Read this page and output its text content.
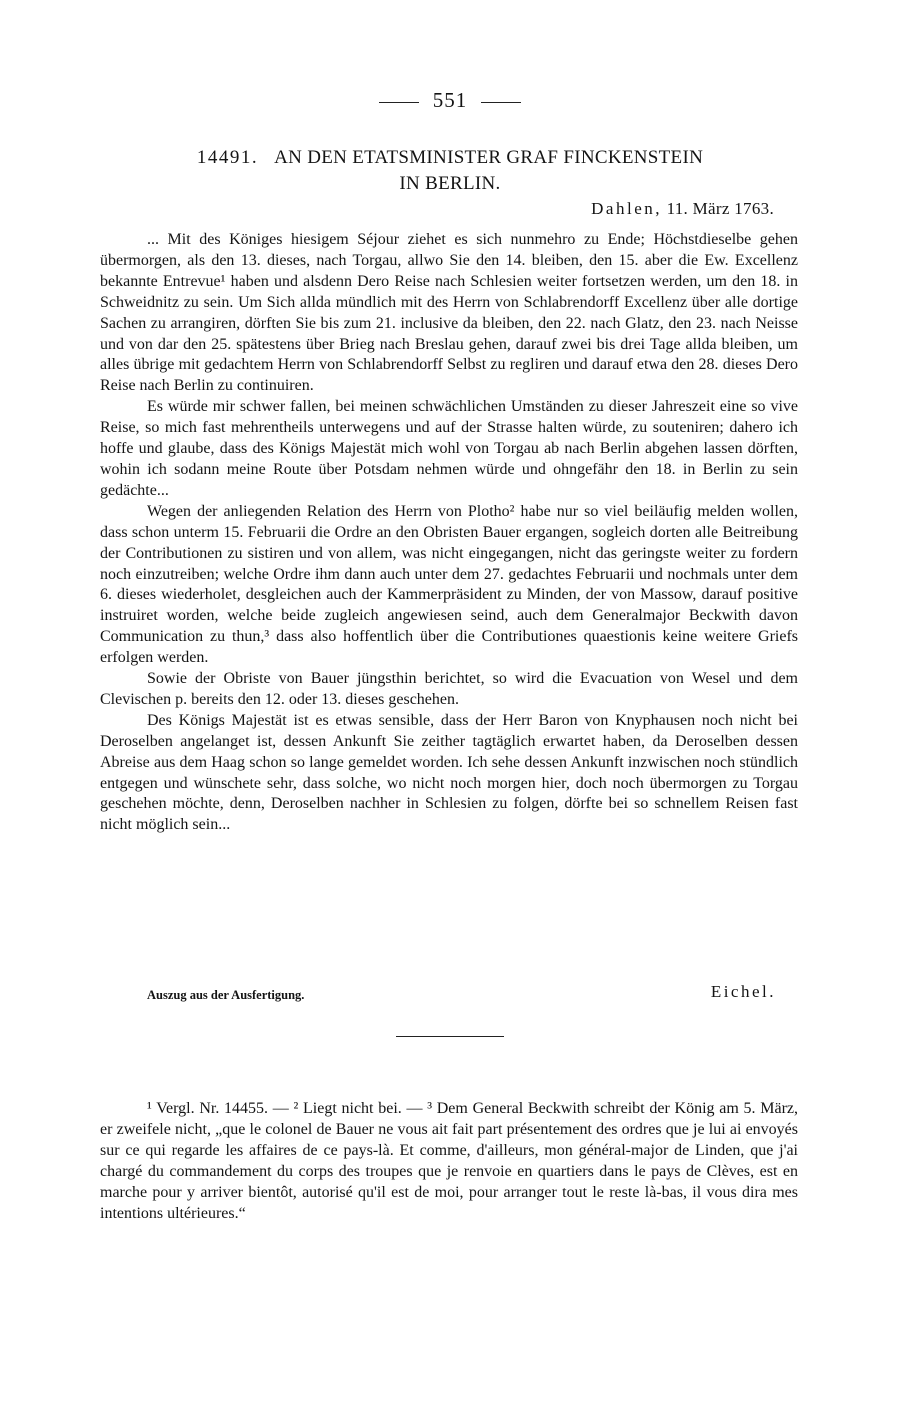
551
14491. AN DEN ETATSMINISTER GRAF FINCKENSTEIN
IN BERLIN.
Dahlen, 11. März 1763.

... Mit des Königes hiesigem Séjour ziehet es sich nunmehro zu Ende; Höchstdieselbe gehen übermorgen, als den 13. dieses, nach Torgau, allwo Sie den 14. bleiben, den 15. aber die Ew. Excellenz bekannte Entrevue¹ haben und alsdenn Dero Reise nach Schlesien weiter fortsetzen werden, um den 18. in Schweidnitz zu sein. Um Sich allda mündlich mit des Herrn von Schlabrendorff Excellenz über alle dortige Sachen zu arrangiren, dörften Sie bis zum 21. inclusive da bleiben, den 22. nach Glatz, den 23. nach Neisse und von dar den 25. spätestens über Brieg nach Breslau gehen, darauf zwei bis drei Tage allda bleiben, um alles übrige mit gedachtem Herrn von Schlabrendorff Selbst zu regliren und darauf etwa den 28. dieses Dero Reise nach Berlin zu continuiren.

Es würde mir schwer fallen, bei meinen schwächlichen Umständen zu dieser Jahreszeit eine so vive Reise, so mich fast mehrentheils unterwegens und auf der Strasse halten würde, zu souteniren; dahero ich hoffe und glaube, dass des Königs Majestät mich wohl von Torgau ab nach Berlin abgehen lassen dörften, wohin ich sodann meine Route über Potsdam nehmen würde und ohngefähr den 18. in Berlin zu sein gedächte...

Wegen der anliegenden Relation des Herrn von Plotho² habe nur so viel beiläufig melden wollen, dass schon unterm 15. Februarii die Ordre an den Obristen Bauer ergangen, sogleich dorten alle Beitreibung der Contributionen zu sistiren und von allem, was nicht eingegangen, nicht das geringste weiter zu fordern noch einzutreiben; welche Ordre ihm dann auch unter dem 27. gedachtes Februarii und nochmals unter dem 6. dieses wiederholet, desgleichen auch der Kammerpräsident zu Minden, der von Massow, darauf positive instruiret worden, welche beide zugleich angewiesen seind, auch dem Generalmajor Beckwith davon Communication zu thun,³ dass also hoffentlich über die Contributiones quaestionis keine weitere Griefs erfolgen werden.

Sowie der Obriste von Bauer jüngsthin berichtet, so wird die Evacuation von Wesel und dem Clevischen p. bereits den 12. oder 13. dieses geschehen.

Des Königs Majestät ist es etwas sensible, dass der Herr Baron von Knyphausen noch nicht bei Deroselben angelanget ist, dessen Ankunft Sie zeither tagtäglich erwartet haben, da Deroselben dessen Abreise aus dem Haag schon so lange gemeldet worden. Ich sehe dessen Ankunft inzwischen noch stündlich entgegen und wünschete sehr, dass solche, wo nicht noch morgen hier, doch noch übermorgen zu Torgau geschehen möchte, denn, Deroselben nachher in Schlesien zu folgen, dörfte bei so schnellem Reisen fast nicht möglich sein...

Auszug aus der Ausfertigung.	Eichel.

¹ Vergl. Nr. 14455. — ² Liegt nicht bei. — ³ Dem General Beckwith schreibt der König am 5. März, er zweifele nicht, „que le colonel de Bauer ne vous ait fait part présentement des ordres que je lui ai envoyés sur ce qui regarde les affaires de ce pays-là. Et comme, d'ailleurs, mon général-major de Linden, que j'ai chargé du commandement du corps des troupes que je renvoie en quartiers dans le pays de Clèves, est en marche pour y arriver bientôt, autorisé qu'il est de moi, pour arranger tout le reste là-bas, il vous dira mes intentions ultérieures.“
